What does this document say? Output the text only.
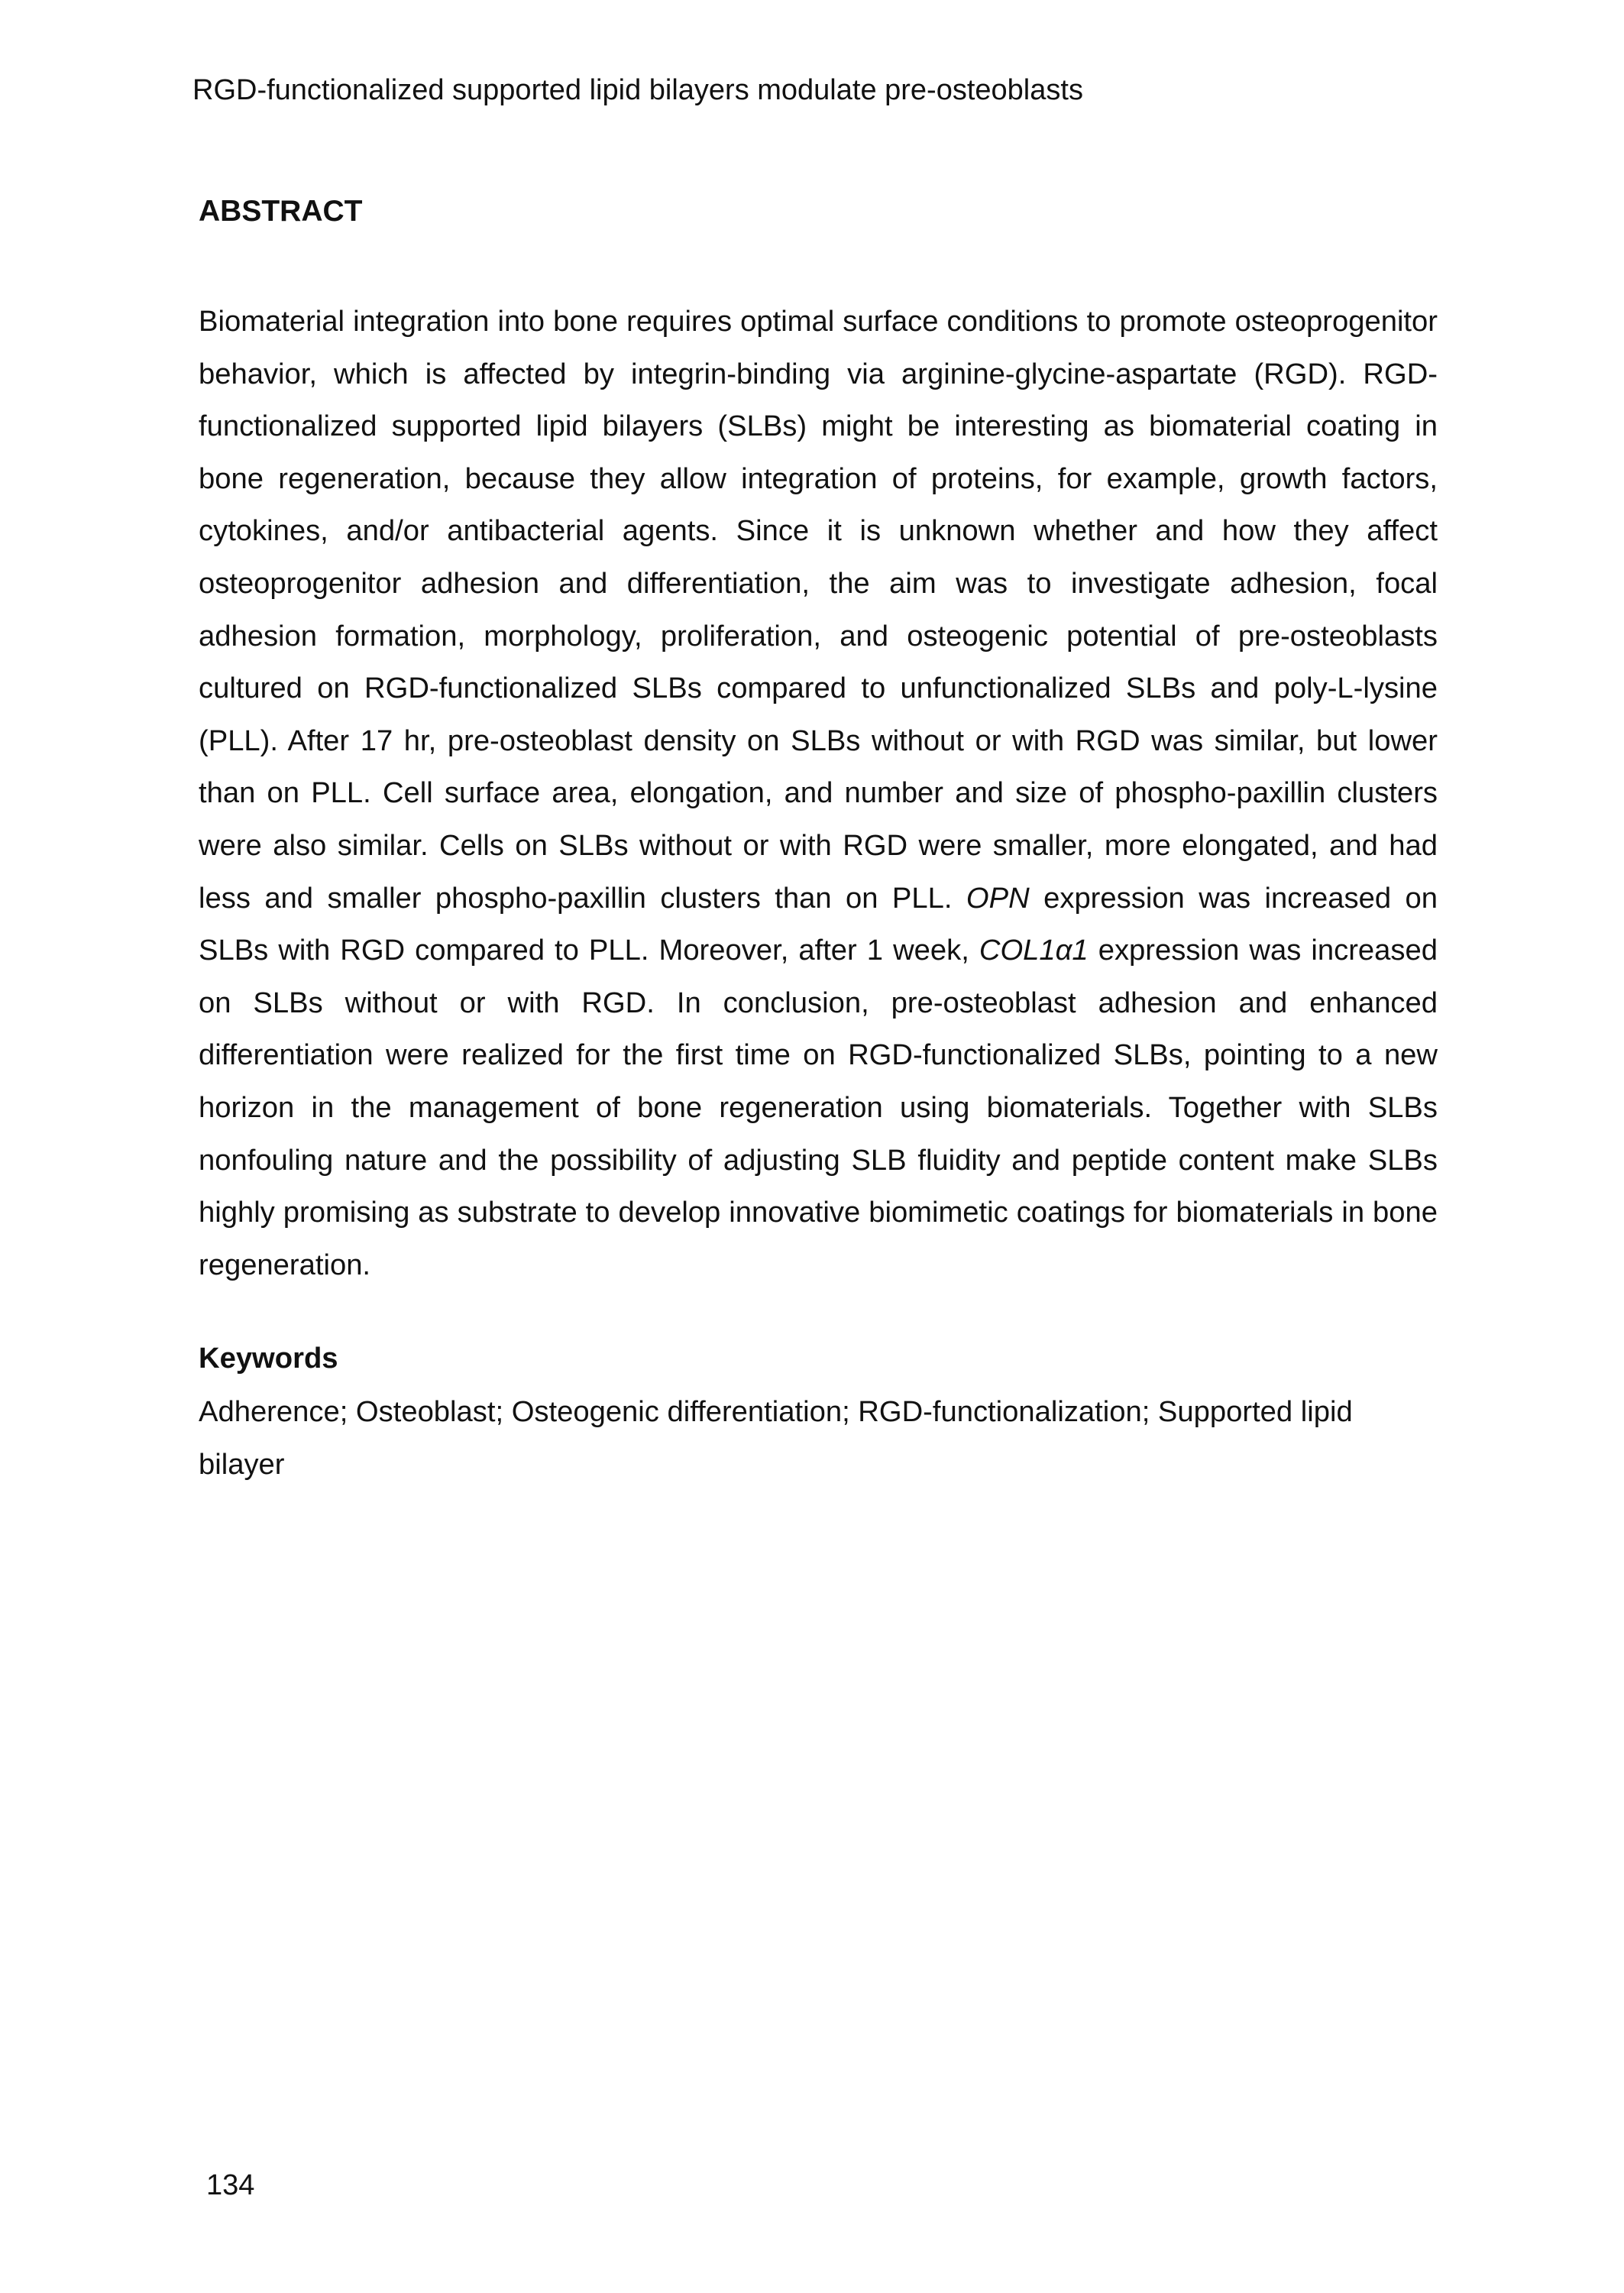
RGD-functionalized supported lipid bilayers modulate pre-osteoblasts
ABSTRACT

Biomaterial integration into bone requires optimal surface conditions to promote osteoprogenitor behavior, which is affected by integrin-binding via arginine-glycine-aspartate (RGD). RGD-functionalized supported lipid bilayers (SLBs) might be interesting as biomaterial coating in bone regeneration, because they allow integration of proteins, for example, growth factors, cytokines, and/or antibacterial agents. Since it is unknown whether and how they affect osteoprogenitor adhesion and differentiation, the aim was to investigate adhesion, focal adhesion formation, morphology, proliferation, and osteogenic potential of pre-osteoblasts cultured on RGD-functionalized SLBs compared to unfunctionalized SLBs and poly-L-lysine (PLL). After 17 hr, pre-osteoblast density on SLBs without or with RGD was similar, but lower than on PLL. Cell surface area, elongation, and number and size of phospho-paxillin clusters were also similar. Cells on SLBs without or with RGD were smaller, more elongated, and had less and smaller phospho-paxillin clusters than on PLL. OPN expression was increased on SLBs with RGD compared to PLL. Moreover, after 1 week, COL1α1 expression was increased on SLBs without or with RGD. In conclusion, pre-osteoblast adhesion and enhanced differentiation were realized for the first time on RGD-functionalized SLBs, pointing to a new horizon in the management of bone regeneration using biomaterials. Together with SLBs nonfouling nature and the possibility of adjusting SLB fluidity and peptide content make SLBs highly promising as substrate to develop innovative biomimetic coatings for biomaterials in bone regeneration.

Keywords
Adherence; Osteoblast; Osteogenic differentiation; RGD-functionalization; Supported lipid bilayer
134
